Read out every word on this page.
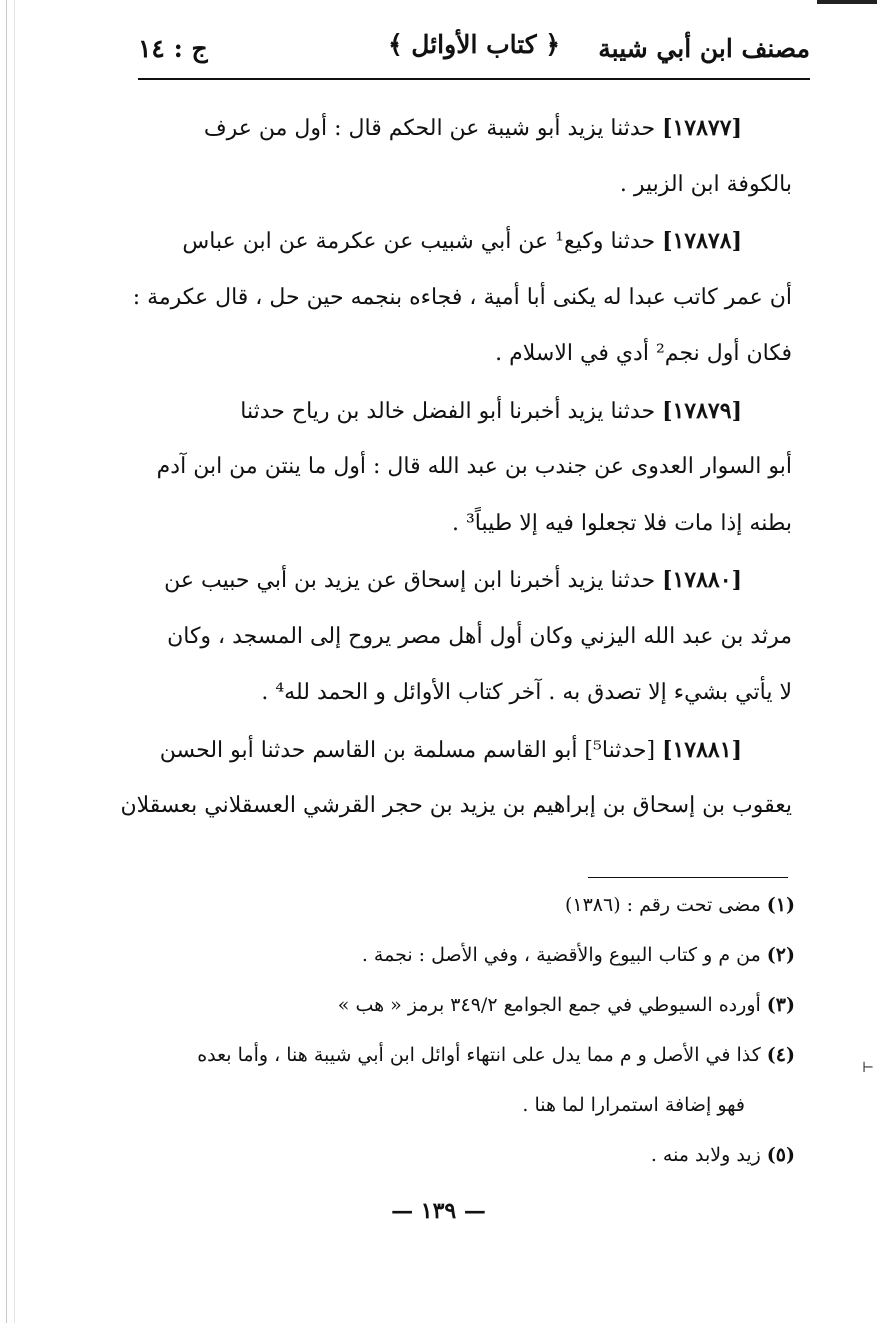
مصنف ابن أبي شيبة
﴿ كتاب الأوائل ﴾
ج : ١٤
[١٧٨٧٧] حدثنا يزيد أبو شيبة عن الحكم قال : أول من عرف
بالكوفة ابن الزبير .
[١٧٨٧٨] حدثنا وكيع¹ عن أبي شبيب عن عكرمة عن ابن عباس
أن عمر كاتب عبدا له يكنى أبا أمية ، فجاءه بنجمه حين حل ، قال عكرمة :
فكان أول نجم² أدي في الاسلام .
[١٧٨٧٩] حدثنا يزيد أخبرنا أبو الفضل خالد بن رياح حدثنا
أبو السوار العدوى عن جندب بن عبد الله قال : أول ما ينتن من ابن آدم
بطنه إذا مات فلا تجعلوا فيه إلا طيباً³ .
[١٧٨٨٠] حدثنا يزيد أخبرنا ابن إسحاق عن يزيد بن أبي حبيب عن
مرثد بن عبد الله اليزني وكان أول أهل مصر يروح إلى المسجد ، وكان
لا يأتي بشيء إلا تصدق به . آخر كتاب الأوائل و الحمد لله⁴ .
[١٧٨٨١] [حدثنا⁵] أبو القاسم مسلمة بن القاسم حدثنا أبو الحسن
يعقوب بن إسحاق بن إبراهيم بن يزيد بن حجر القرشي العسقلاني بعسقلان
(١)مضى تحت رقم : (١٣٨٦)
(٢)من م و كتاب البيوع والأقضية ، وفي الأصل : نجمة .
(٣)أورده السيوطي في جمع الجوامع ٣٤٩/٢ برمز « هب »
(٤)كذا في الأصل و م مما يدل على انتهاء أوائل ابن أبي شيبة هنا ، وأما بعده
فهو إضافة استمرارا لما هنا .
(٥)زيد ولابد منه .
— ١٣٩ —
⊢
